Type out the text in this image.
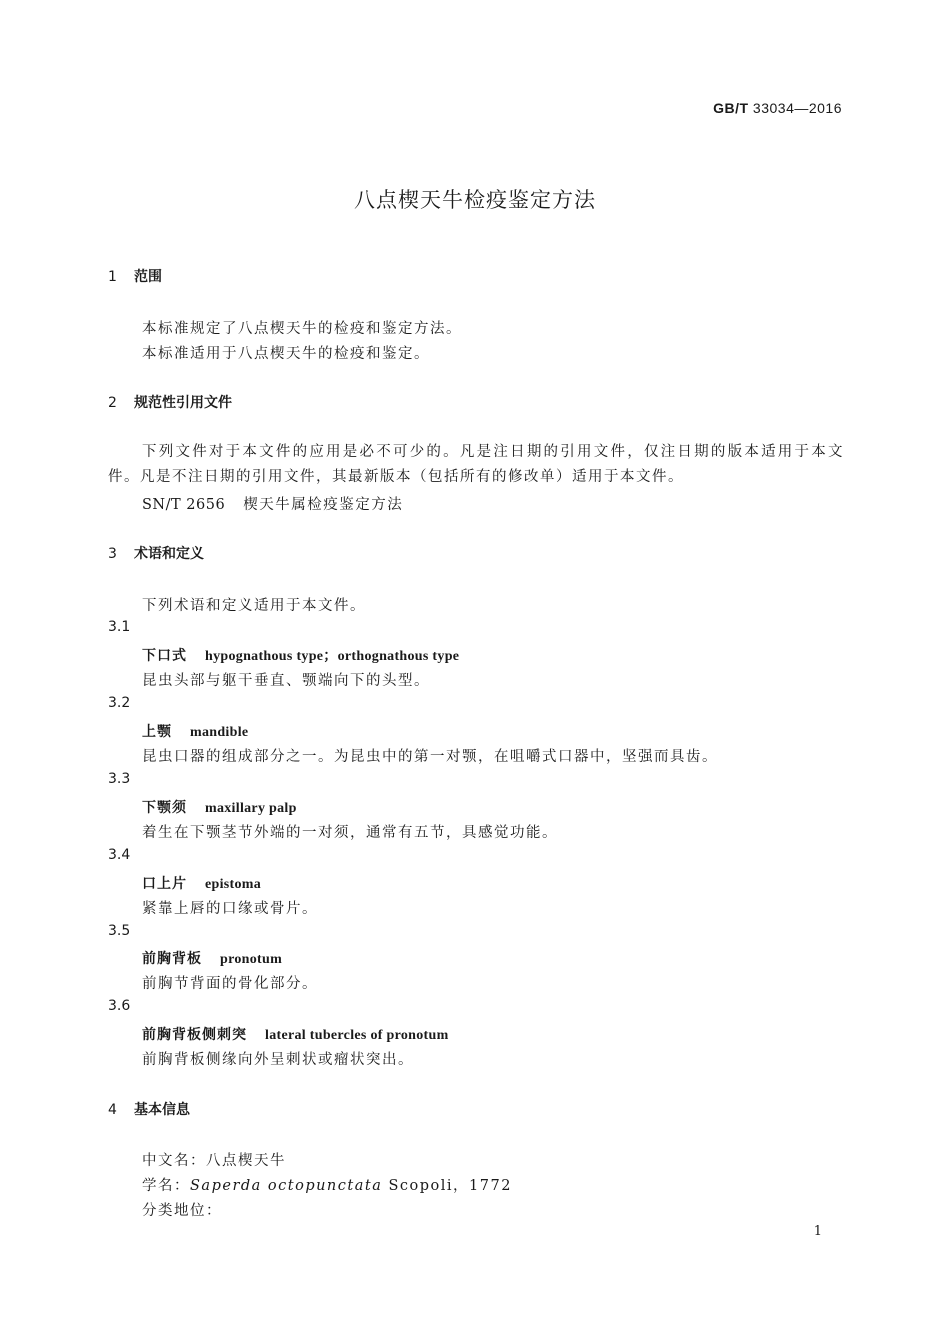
GB/T 33034—2016
八点楔天牛检疫鉴定方法
1 范围
本标准规定了八点楔天牛的检疫和鉴定方法。
本标准适用于八点楔天牛的检疫和鉴定。
2 规范性引用文件
下列文件对于本文件的应用是必不可少的。凡是注日期的引用文件，仅注日期的版本适用于本文件。凡是不注日期的引用文件，其最新版本（包括所有的修改单）适用于本文件。
SN/T 2656 楔天牛属检疫鉴定方法
3 术语和定义
下列术语和定义适用于本文件。
3.1
下口式 hypognathous type；orthognathous type
昆虫头部与躯干垂直、颚端向下的头型。
3.2
上颚 mandible
昆虫口器的组成部分之一。为昆虫中的第一对颚，在咀嚼式口器中，坚强而具齿。
3.3
下颚须 maxillary palp
着生在下颚茎节外端的一对须，通常有五节，具感觉功能。
3.4
口上片 epistoma
紧靠上唇的口缘或骨片。
3.5
前胸背板 pronotum
前胸节背面的骨化部分。
3.6
前胸背板侧刺突 lateral tubercles of pronotum
前胸背板侧缘向外呈刺状或瘤状突出。
4 基本信息
中文名：八点楔天牛
学名：Saperda octopunctata Scopoli，1772
分类地位：
1
